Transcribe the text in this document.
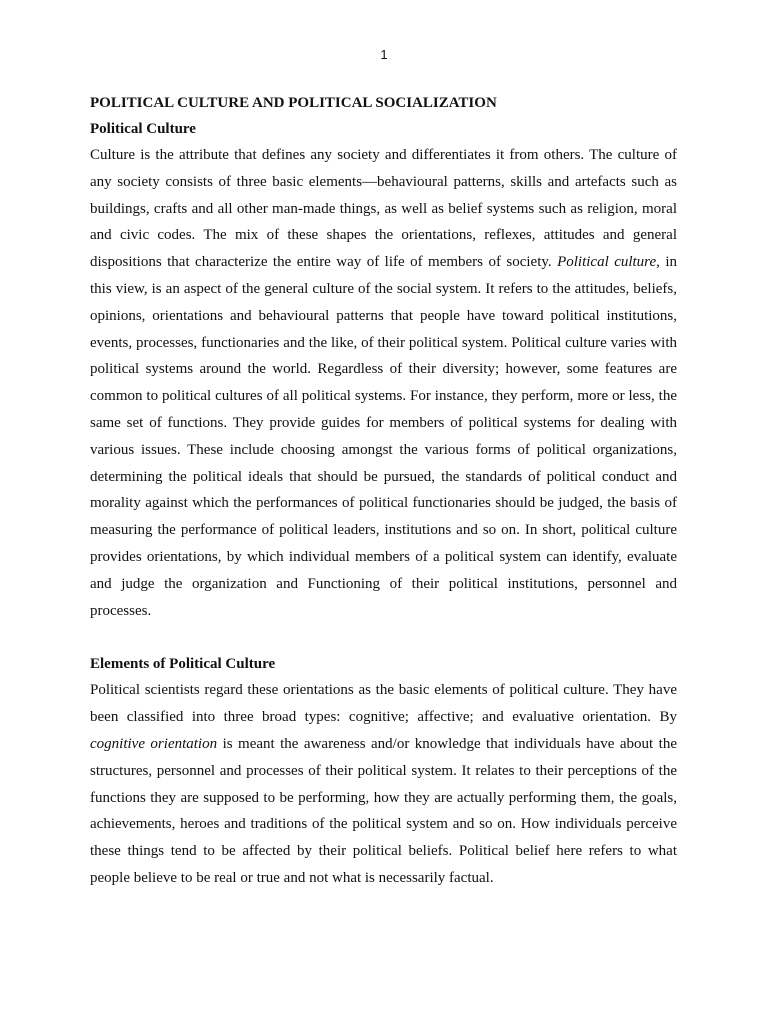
1
POLITICAL CULTURE AND POLITICAL SOCIALIZATION
Political Culture

Culture is the attribute that defines any society and differentiates it from others. The culture of any society consists of three basic elements—behavioural patterns, skills and artefacts such as buildings, crafts and all other man-made things, as well as belief systems such as religion, moral and civic codes. The mix of these shapes the orientations, reflexes, attitudes and general dispositions that characterize the entire way of life of members of society. Political culture, in this view, is an aspect of the general culture of the social system. It refers to the attitudes, beliefs, opinions, orientations and behavioural patterns that people have toward political institutions, events, processes, functionaries and the like, of their political system. Political culture varies with political systems around the world. Regardless of their diversity; however, some features are common to political cultures of all political systems. For instance, they perform, more or less, the same set of functions. They provide guides for members of political systems for dealing with various issues. These include choosing amongst the various forms of political organizations, determining the political ideals that should be pursued, the standards of political conduct and morality against which the performances of political functionaries should be judged, the basis of measuring the performance of political leaders, institutions and so on. In short, political culture provides orientations, by which individual members of a political system can identify, evaluate and judge the organization and Functioning of their political institutions, personnel and processes.

Elements of Political Culture

Political scientists regard these orientations as the basic elements of political culture. They have been classified into three broad types: cognitive; affective; and evaluative orientation. By cognitive orientation is meant the awareness and/or knowledge that individuals have about the structures, personnel and processes of their political system. It relates to their perceptions of the functions they are supposed to be performing, how they are actually performing them, the goals, achievements, heroes and traditions of the political system and so on. How individuals perceive these things tend to be affected by their political beliefs. Political belief here refers to what people believe to be real or true and not what is necessarily factual.
